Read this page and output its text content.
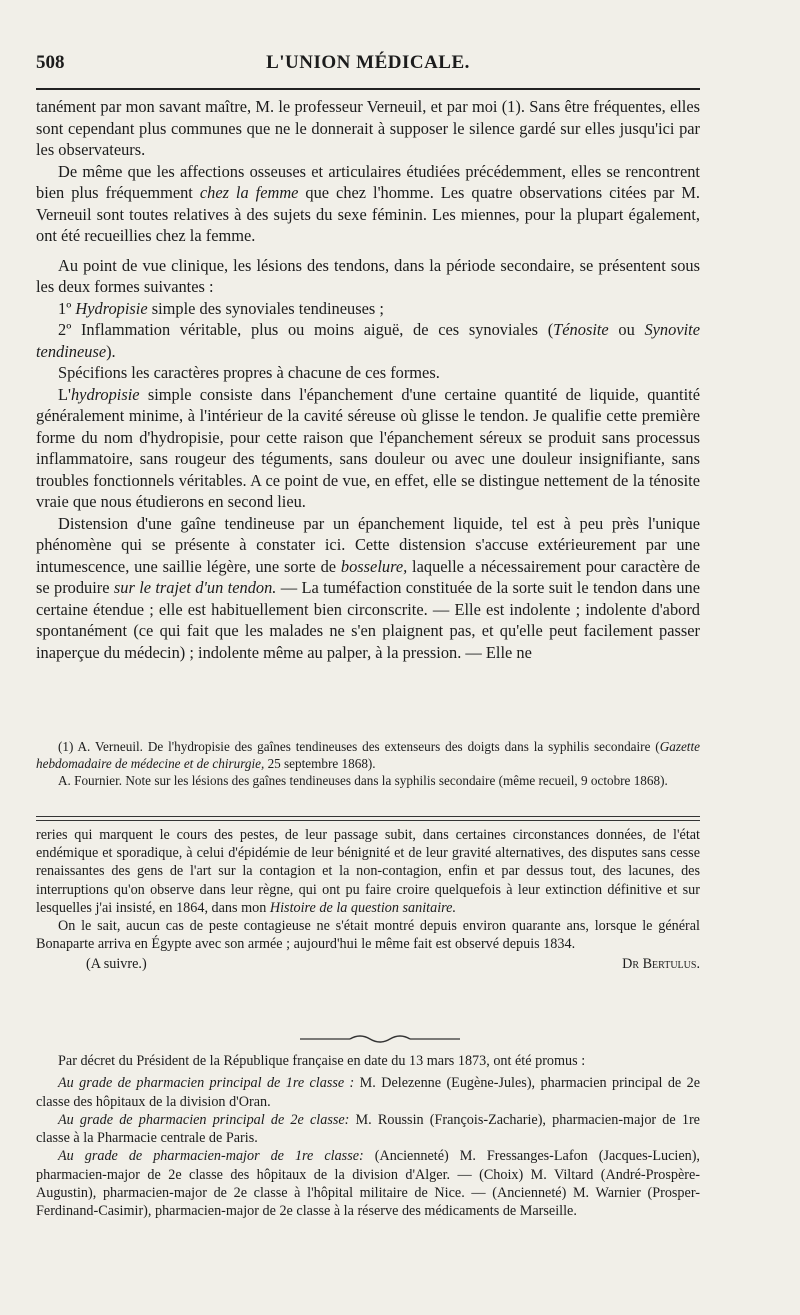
508	L'UNION MÉDICALE.

tanément par mon savant maître, M. le professeur Verneuil, et par moi (1). Sans être fréquentes, elles sont cependant plus communes que ne le donnerait à supposer le silence gardé sur elles jusqu'ici par les observateurs.

De même que les affections osseuses et articulaires étudiées précédemment, elles se rencontrent bien plus fréquemment chez la femme que chez l'homme. Les quatre observations citées par M. Verneuil sont toutes relatives à des sujets du sexe féminin. Les miennes, pour la plupart également, ont été recueillies chez la femme.

Au point de vue clinique, les lésions des tendons, dans la période secondaire, se présentent sous les deux formes suivantes :

1º Hydropisie simple des synoviales tendineuses ;

2º Inflammation véritable, plus ou moins aiguë, de ces synoviales (Ténosite ou Synovite tendineuse).

Spécifions les caractères propres à chacune de ces formes.

L'hydropisie simple consiste dans l'épanchement d'une certaine quantité de liquide, quantité généralement minime, à l'intérieur de la cavité séreuse où glisse le tendon. Je qualifie cette première forme du nom d'hydropisie, pour cette raison que l'épanchement séreux se produit sans processus inflammatoire, sans rougeur des téguments, sans douleur ou avec une douleur insignifiante, sans troubles fonctionnels véritables. A ce point de vue, en effet, elle se distingue nettement de la ténosite vraie que nous étudierons en second lieu.

Distension d'une gaîne tendineuse par un épanchement liquide, tel est à peu près l'unique phénomène qui se présente à constater ici. Cette distension s'accuse extérieurement par une intumescence, une saillie légère, une sorte de bosselure, laquelle a nécessairement pour caractère de se produire sur le trajet d'un tendon. — La tuméfaction constituée de la sorte suit le tendon dans une certaine étendue ; elle est habituellement bien circonscrite. — Elle est indolente ; indolente d'abord spontanément (ce qui fait que les malades ne s'en plaignent pas, et qu'elle peut facilement passer inaperçue du médecin) ; indolente même au palper, à la pression. — Elle ne

(1) A. Verneuil. De l'hydropisie des gaînes tendineuses des extenseurs des doigts dans la syphilis secondaire (Gazette hebdomadaire de médecine et de chirurgie, 25 septembre 1868).

A. Fournier. Note sur les lésions des gaînes tendineuses dans la syphilis secondaire (même recueil, 9 octobre 1868).

reries qui marquent le cours des pestes, de leur passage subit, dans certaines circonstances données, de l'état endémique et sporadique, à celui d'épidémie de leur bénignité et de leur gravité alternatives, des disputes sans cesse renaissantes des gens de l'art sur la contagion et la non-contagion, enfin et par dessus tout, des lacunes, des interruptions qu'on observe dans leur règne, qui ont pu faire croire quelquefois à leur extinction définitive et sur lesquelles j'ai insisté, en 1864, dans mon Histoire de la question sanitaire.

On le sait, aucun cas de peste contagieuse ne s'était montré depuis environ quarante ans, lorsque le général Bonaparte arriva en Égypte avec son armée ; aujourd'hui le même fait est observé depuis 1834.

(A suivre.)	Dr Bertulus.

Par décret du Président de la République française en date du 13 mars 1873, ont été promus :

Au grade de pharmacien principal de 1re classe : M. Delezenne (Eugène-Jules), pharmacien principal de 2e classe des hôpitaux de la division d'Oran.

Au grade de pharmacien principal de 2e classe: M. Roussin (François-Zacharie), pharmacien-major de 1re classe à la Pharmacie centrale de Paris.

Au grade de pharmacien-major de 1re classe: (Ancienneté) M. Fressanges-Lafon (Jacques-Lucien), pharmacien-major de 2e classe des hôpitaux de la division d'Alger. — (Choix) M. Viltard (André-Prospère-Augustin), pharmacien-major de 2e classe à l'hôpital militaire de Nice. — (Ancienneté) M. Warnier (Prosper-Ferdinand-Casimir), pharmacien-major de 2e classe à la réserve des médicaments de Marseille.
